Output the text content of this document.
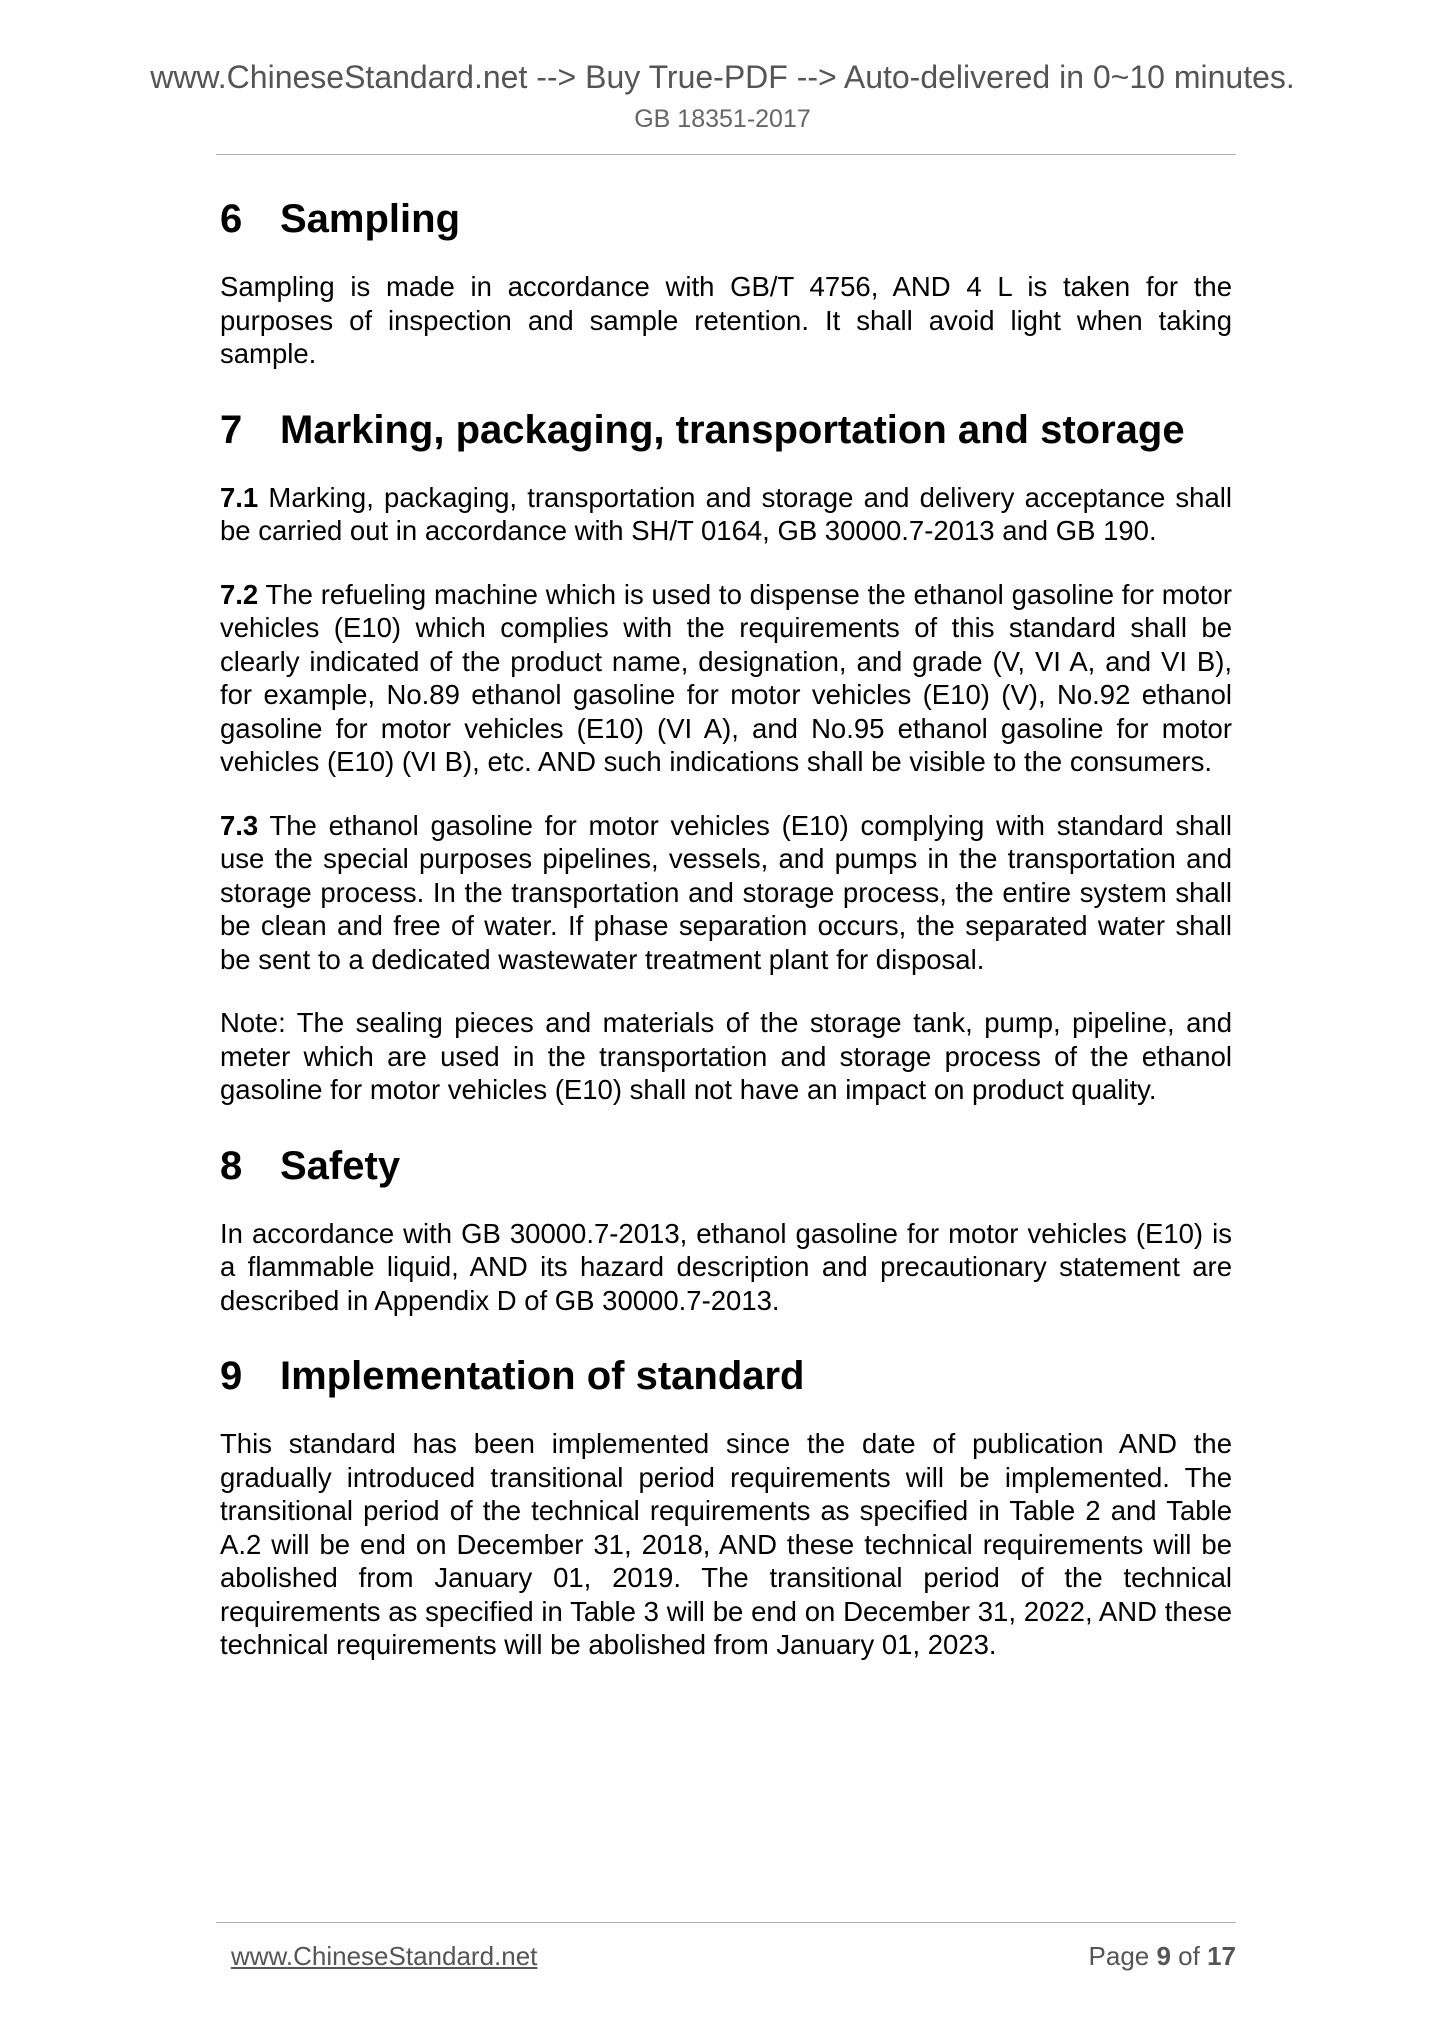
www.ChineseStandard.net --> Buy True-PDF --> Auto-delivered in 0~10 minutes.
GB 18351-2017
6 Sampling

Sampling is made in accordance with GB/T 4756, AND 4 L is taken for the purposes of inspection and sample retention. It shall avoid light when taking sample.

7 Marking, packaging, transportation and storage

7.1 Marking, packaging, transportation and storage and delivery acceptance shall be carried out in accordance with SH/T 0164, GB 30000.7-2013 and GB 190.

7.2 The refueling machine which is used to dispense the ethanol gasoline for motor vehicles (E10) which complies with the requirements of this standard shall be clearly indicated of the product name, designation, and grade (V, VI A, and VI B), for example, No.89 ethanol gasoline for motor vehicles (E10) (V), No.92 ethanol gasoline for motor vehicles (E10) (VI A), and No.95 ethanol gasoline for motor vehicles (E10) (VI B), etc. AND such indications shall be visible to the consumers.

7.3 The ethanol gasoline for motor vehicles (E10) complying with standard shall use the special purposes pipelines, vessels, and pumps in the transportation and storage process. In the transportation and storage process, the entire system shall be clean and free of water. If phase separation occurs, the separated water shall be sent to a dedicated wastewater treatment plant for disposal.

Note: The sealing pieces and materials of the storage tank, pump, pipeline, and meter which are used in the transportation and storage process of the ethanol gasoline for motor vehicles (E10) shall not have an impact on product quality.

8 Safety

In accordance with GB 30000.7-2013, ethanol gasoline for motor vehicles (E10) is a flammable liquid, AND its hazard description and precautionary statement are described in Appendix D of GB 30000.7-2013.

9 Implementation of standard

This standard has been implemented since the date of publication AND the gradually introduced transitional period requirements will be implemented. The transitional period of the technical requirements as specified in Table 2 and Table A.2 will be end on December 31, 2018, AND these technical requirements will be abolished from January 01, 2019. The transitional period of the technical requirements as specified in Table 3 will be end on December 31, 2022, AND these technical requirements will be abolished from January 01, 2023.

www.ChineseStandard.net	Page 9 of 17
